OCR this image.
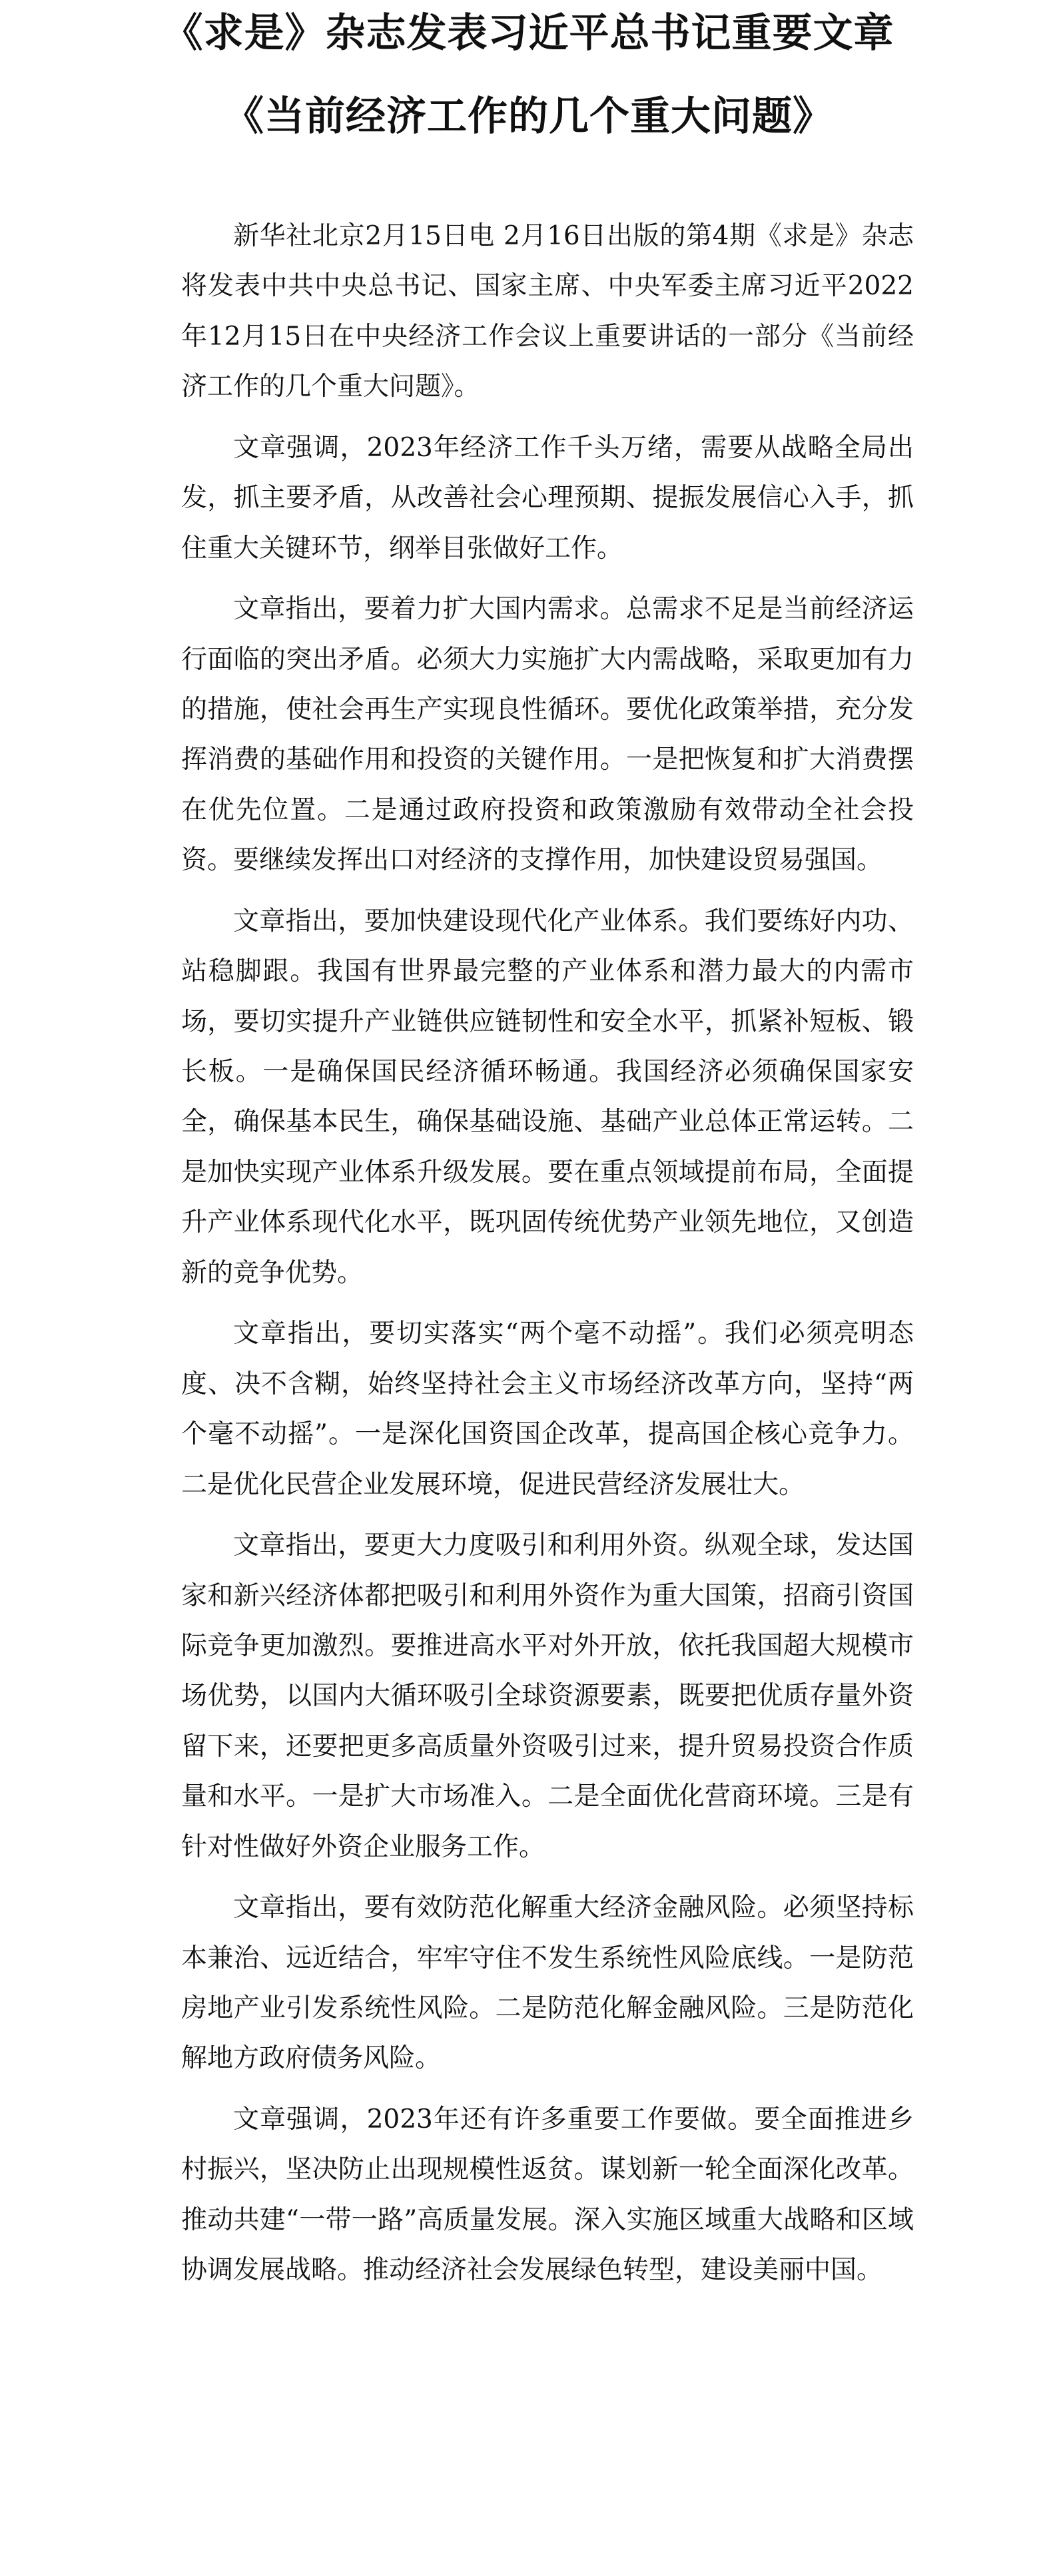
《求是》杂志发表习近平总书记重要文章
《当前经济工作的几个重大问题》

新华社北京2月15日电 2月16日出版的第4期《求是》杂志将发表中共中央总书记、国家主席、中央军委主席习近平2022年12月15日在中央经济工作会议上重要讲话的一部分《当前经济工作的几个重大问题》。

文章强调，2023年经济工作千头万绪，需要从战略全局出发，抓主要矛盾，从改善社会心理预期、提振发展信心入手，抓住重大关键环节，纲举目张做好工作。

文章指出，要着力扩大国内需求。总需求不足是当前经济运行面临的突出矛盾。必须大力实施扩大内需战略，采取更加有力的措施，使社会再生产实现良性循环。要优化政策举措，充分发挥消费的基础作用和投资的关键作用。一是把恢复和扩大消费摆在优先位置。二是通过政府投资和政策激励有效带动全社会投资。要继续发挥出口对经济的支撑作用，加快建设贸易强国。

文章指出，要加快建设现代化产业体系。我们要练好内功、站稳脚跟。我国有世界最完整的产业体系和潜力最大的内需市场，要切实提升产业链供应链韧性和安全水平，抓紧补短板、锻长板。一是确保国民经济循环畅通。我国经济必须确保国家安全，确保基本民生，确保基础设施、基础产业总体正常运转。二是加快实现产业体系升级发展。要在重点领域提前布局，全面提升产业体系现代化水平，既巩固传统优势产业领先地位，又创造新的竞争优势。

文章指出，要切实落实“两个毫不动摇”。我们必须亮明态度、决不含糊，始终坚持社会主义市场经济改革方向，坚持“两个毫不动摇”。一是深化国资国企改革，提高国企核心竞争力。二是优化民营企业发展环境，促进民营经济发展壮大。

文章指出，要更大力度吸引和利用外资。纵观全球，发达国家和新兴经济体都把吸引和利用外资作为重大国策，招商引资国际竞争更加激烈。要推进高水平对外开放，依托我国超大规模市场优势，以国内大循环吸引全球资源要素，既要把优质存量外资留下来，还要把更多高质量外资吸引过来，提升贸易投资合作质量和水平。一是扩大市场准入。二是全面优化营商环境。三是有针对性做好外资企业服务工作。

文章指出，要有效防范化解重大经济金融风险。必须坚持标本兼治、远近结合，牢牢守住不发生系统性风险底线。一是防范房地产业引发系统性风险。二是防范化解金融风险。三是防范化解地方政府债务风险。

文章强调，2023年还有许多重要工作要做。要全面推进乡村振兴，坚决防止出现规模性返贫。谋划新一轮全面深化改革。推动共建“一带一路”高质量发展。深入实施区域重大战略和区域协调发展战略。推动经济社会发展绿色转型，建设美丽中国。
